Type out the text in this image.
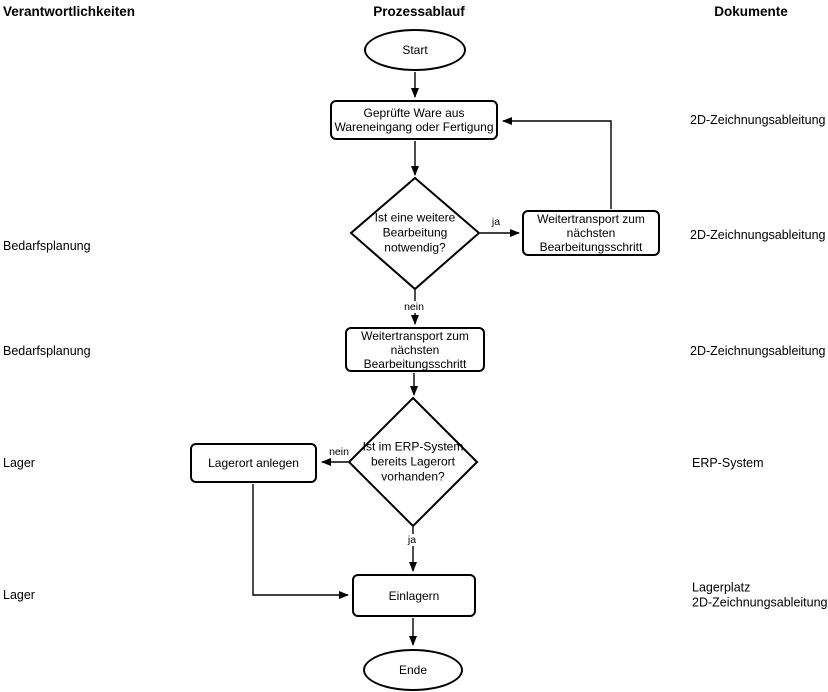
Verantwortlichkeiten	Prozessablauf	Dokumente
Bedarfsplanung
Bedarfsplanung
Lager
Lager
2D-Zeichnungsableitung
2D-Zeichnungsableitung
2D-Zeichnungsableitung
ERP-System
Lagerplatz
2D-Zeichnungsableitung
Start
Geprüfte Ware aus
Wareneingang oder Fertigung
Ist eine weitere
Bearbeitung
notwendig?
Weitertransport zum
nächsten
Bearbeitungsschritt
Weitertransport zum
nächsten
Bearbeitungsschritt
Ist im ERP-System
bereits Lagerort
vorhanden?
Lagerort anlegen
Einlagern
Ende
ja
nein
nein
ja
